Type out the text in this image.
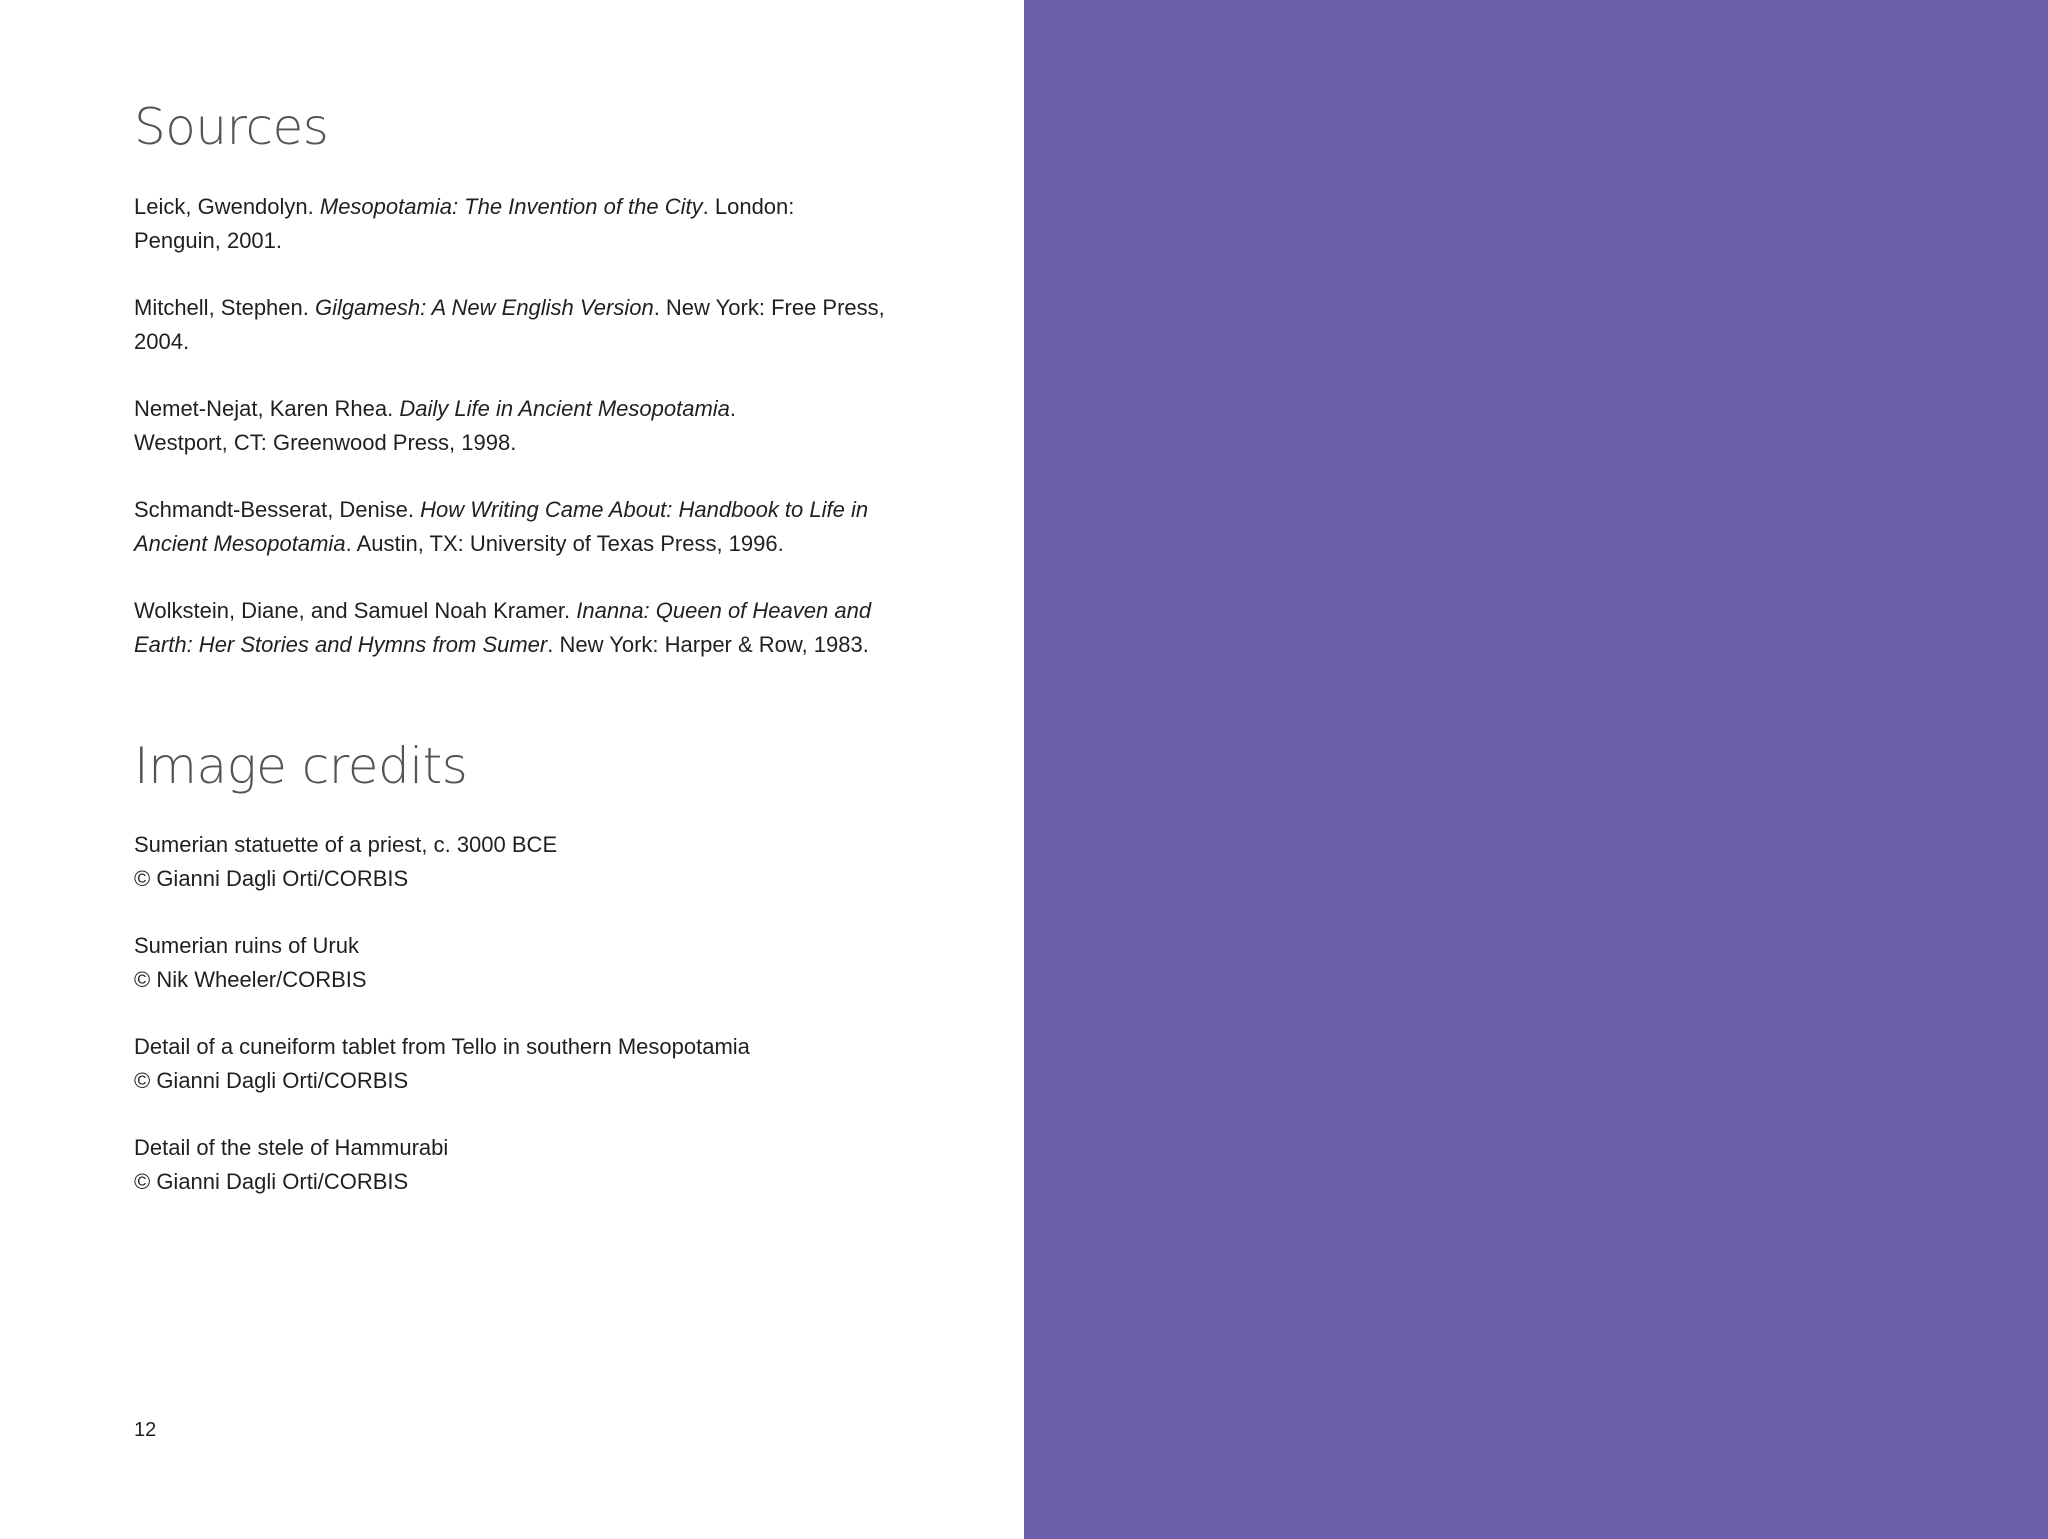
Sources
Leick, Gwendolyn. Mesopotamia: The Invention of the City. London:
Penguin, 2001.
Mitchell, Stephen. Gilgamesh: A New English Version. New York: Free Press,
2004.
Nemet-Nejat, Karen Rhea. Daily Life in Ancient Mesopotamia.
Westport, CT: Greenwood Press, 1998.
Schmandt-Besserat, Denise. How Writing Came About: Handbook to Life in
Ancient Mesopotamia. Austin, TX: University of Texas Press, 1996.
Wolkstein, Diane, and Samuel Noah Kramer. Inanna: Queen of Heaven and
Earth: Her Stories and Hymns from Sumer. New York: Harper & Row, 1983.
Image credits
Sumerian statuette of a priest, c. 3000 BCE
© Gianni Dagli Orti/CORBIS
Sumerian ruins of Uruk
© Nik Wheeler/CORBIS
Detail of a cuneiform tablet from Tello in southern Mesopotamia
© Gianni Dagli Orti/CORBIS
Detail of the stele of Hammurabi
© Gianni Dagli Orti/CORBIS
12
